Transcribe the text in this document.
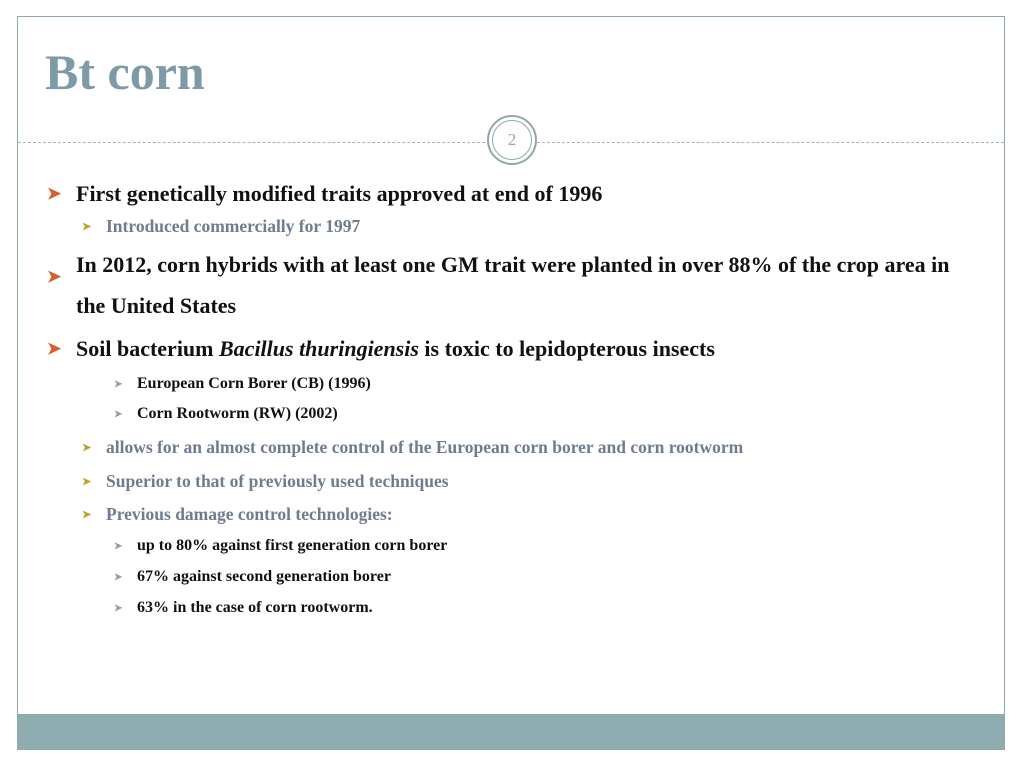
Bt corn
2
➤ First genetically modified traits approved at end of 1996
➤ Introduced commercially for 1997
➤ In 2012, corn hybrids with at least one GM trait were planted in over 88% of the crop area in the United States
➤ Soil bacterium Bacillus thuringiensis is toxic to lepidopterous insects
➤ European Corn Borer (CB) (1996)
➤ Corn Rootworm (RW) (2002)
➤ allows for an almost complete control of the European corn borer and corn rootworm
➤ Superior to that of previously used techniques
➤ Previous damage control technologies:
➤ up to 80% against first generation corn borer
➤ 67% against second generation borer
➤ 63% in the case of corn rootworm.
